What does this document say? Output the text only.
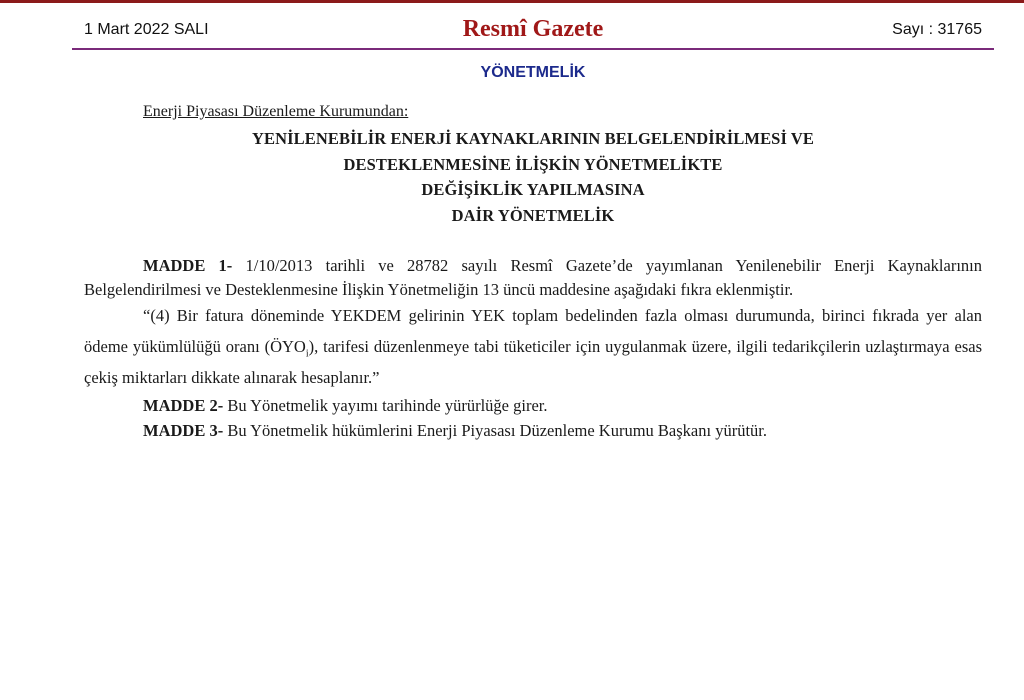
1 Mart 2022 SALI	Resmî Gazete	Sayı : 31765
YÖNETMELİK
Enerji Piyasası Düzenleme Kurumundan:
YENİLENEBİLİR ENERJİ KAYNAKLARININ BELGELENDİRİLMESİ VE
DESTEKLENMESİNE İLİŞKİN YÖNETMELİKTE
DEĞİŞİKLİK YAPILMASINA
DAİR YÖNETMELİK

MADDE 1- 1/10/2013 tarihli ve 28782 sayılı Resmî Gazete’de yayımlanan Yenilenebilir Enerji Kaynaklarının Belgelendirilmesi ve Desteklenmesine İlişkin Yönetmeliğin 13 üncü maddesine aşağıdaki fıkra eklenmiştir.

“(4) Bir fatura döneminde YEKDEM gelirinin YEK toplam bedelinden fazla olması durumunda, birinci fıkrada yer alan ödeme yükümlülüğü oranı $(ÖYO_i)$, tarifesi düzenlenmeye tabi tüketiciler için uygulanmak üzere, ilgili tedarikçilerin uzlaştırmaya esas çekiş miktarları dikkate alınarak hesaplanır.”

MADDE 2- Bu Yönetmelik yayımı tarihinde yürürlüğe girer.

MADDE 3- Bu Yönetmelik hükümlerini Enerji Piyasası Düzenleme Kurumu Başkanı yürütür.
